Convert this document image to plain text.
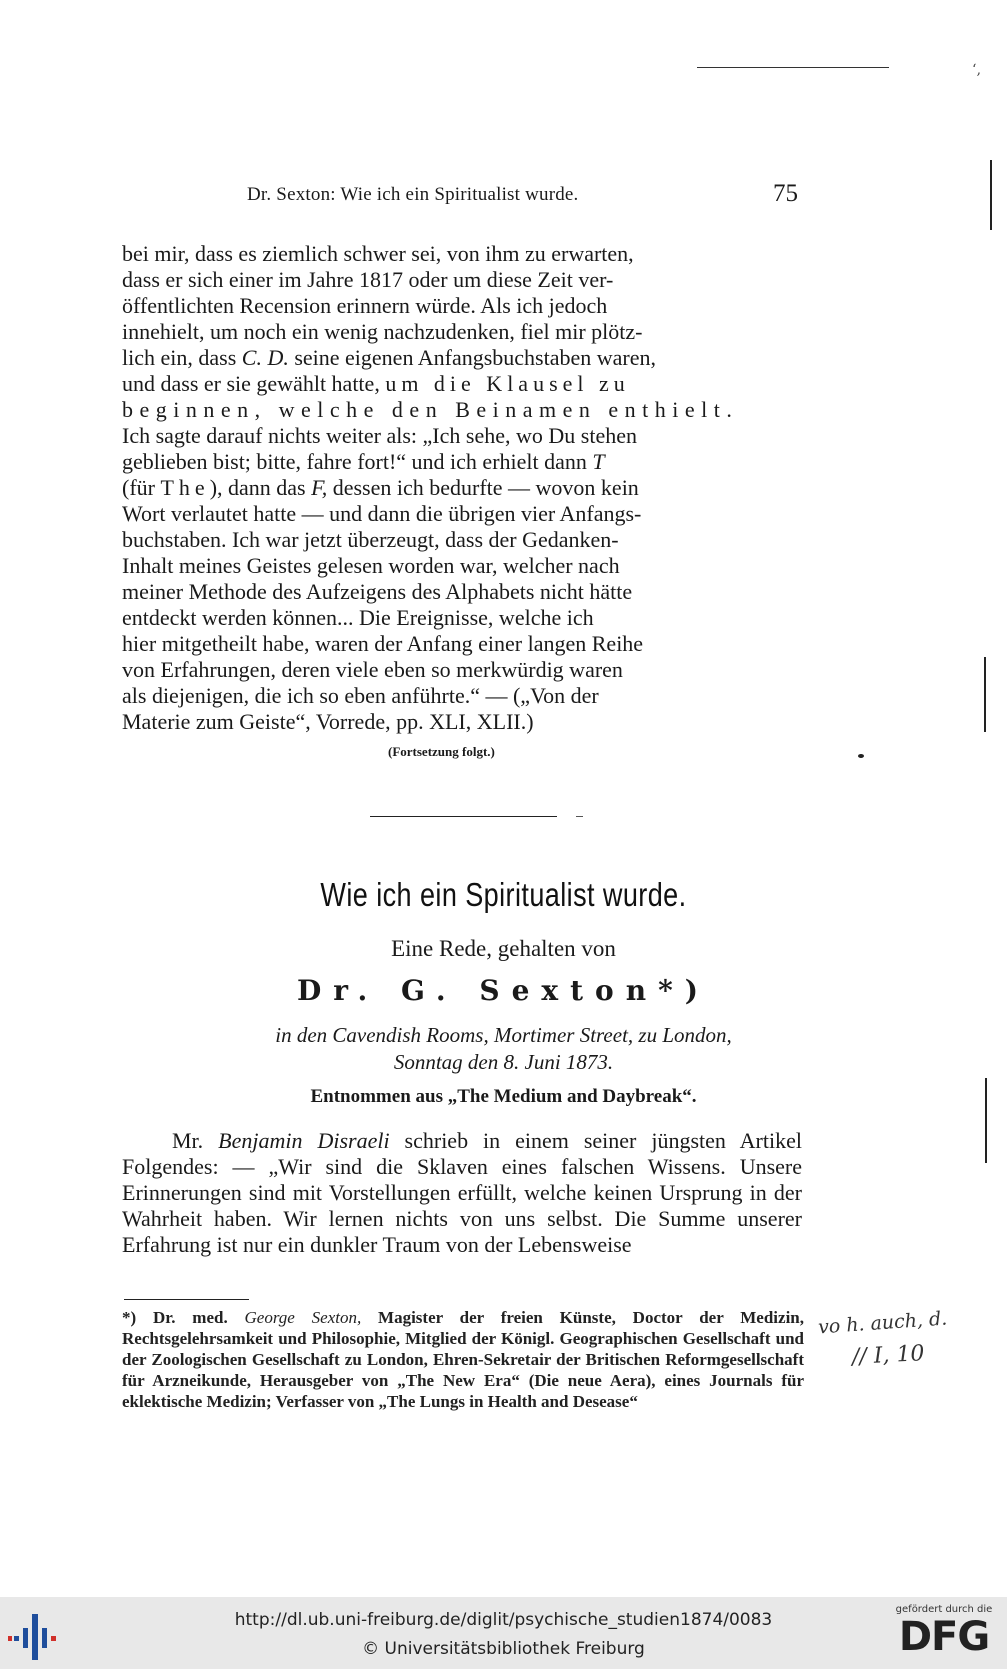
‘‚
Dr. Sexton: Wie ich ein Spiritualist wurde.	75

bei mir, dass es ziemlich schwer sei, von ihm zu erwarten,

dass er sich einer im Jahre 1817 oder um diese Zeit ver-

öffentlichten Recension erinnern würde. Als ich jedoch

innehielt, um noch ein wenig nachzudenken, fiel mir plötz-

lich ein, dass C. D. seine eigenen Anfangsbuchstaben waren,

und dass er sie gewählt hatte, um die Klausel zu

beginnen, welche den Beinamen enthielt.

Ich sagte darauf nichts weiter als: „Ich sehe, wo Du stehen

geblieben bist; bitte, fahre fort!“ und ich erhielt dann T

(für The), dann das F, dessen ich bedurfte — wovon kein

Wort verlautet hatte — und dann die übrigen vier Anfangs-

buchstaben. Ich war jetzt überzeugt, dass der Gedanken-

Inhalt meines Geistes gelesen worden war, welcher nach

meiner Methode des Aufzeigens des Alphabets nicht hätte

entdeckt werden können... Die Ereignisse, welche ich

hier mitgetheilt habe, waren der Anfang einer langen Reihe

von Erfahrungen, deren viele eben so merkwürdig waren

als diejenigen, die ich so eben anführte.“ — („Von der

Materie zum Geiste“, Vorrede, pp. XLI, XLII.)

(Fortsetzung folgt.)
Wie ich ein Spiritualist wurde.
Eine Rede, gehalten von
Dr. G. Sexton*)
in den Cavendish Rooms, Mortimer Street, zu London,
Sonntag den 8. Juni 1873.
Entnommen aus „The Medium and Daybreak“.
Mr. Benjamin Disraeli schrieb in einem seiner jüngsten Artikel Folgendes: — „Wir sind die Sklaven eines falschen Wissens. Unsere Erinnerungen sind mit Vorstellungen erfüllt, welche keinen Ursprung in der Wahrheit haben. Wir lernen nichts von uns selbst. Die Summe unserer Erfahrung ist nur ein dunkler Traum von der Lebensweise
*) Dr. med. George Sexton, Magister der freien Künste, Doctor der Medizin, Rechtsgelehrsamkeit und Philosophie, Mitglied der Königl. Geographischen Gesellschaft und der Zoologischen Gesellschaft zu London, Ehren-Sekretair der Britischen Reformgesellschaft für Arzneikunde, Herausgeber von „The New Era“ (Die neue Aera), eines Journals für eklektische Medizin; Verfasser von „The Lungs in Health and Desease“
vo h. auch, d.
// I, 10
http://dl.ub.uni-freiburg.de/diglit/psychische_studien1874/0083
© Universitätsbibliothek Freiburg
gefördert durch die
DFG
